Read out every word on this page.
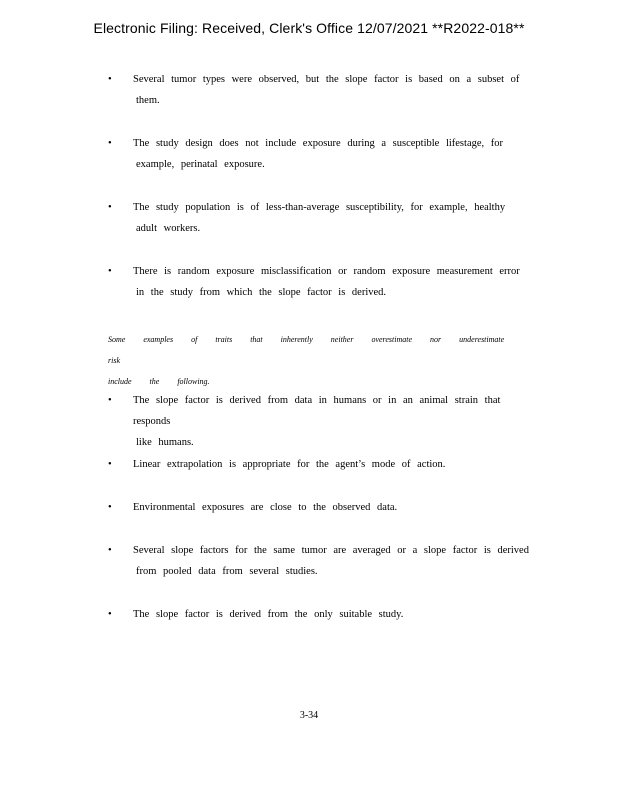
Electronic Filing: Received, Clerk's Office 12/07/2021 **R2022-018**
•	Several tumor types were observed, but the slope factor is based on a subset of
them.
•	The study design does not include exposure during a susceptible lifestage, for
example, perinatal exposure.
•	The study population is of less-than-average susceptibility, for example, healthy
adult workers.
•	There is random exposure misclassification or random exposure measurement error
in the study from which the slope factor is derived.
Some examples of traits that inherently neither overestimate nor underestimate risk
include the following.
•	The slope factor is derived from data in humans or in an animal strain that responds
like humans.
•	Linear extrapolation is appropriate for the agent’s mode of action.
•	Environmental exposures are close to the observed data.
•	Several slope factors for the same tumor are averaged or a slope factor is derived
from pooled data from several studies.
•	The slope factor is derived from the only suitable study.
3-34
